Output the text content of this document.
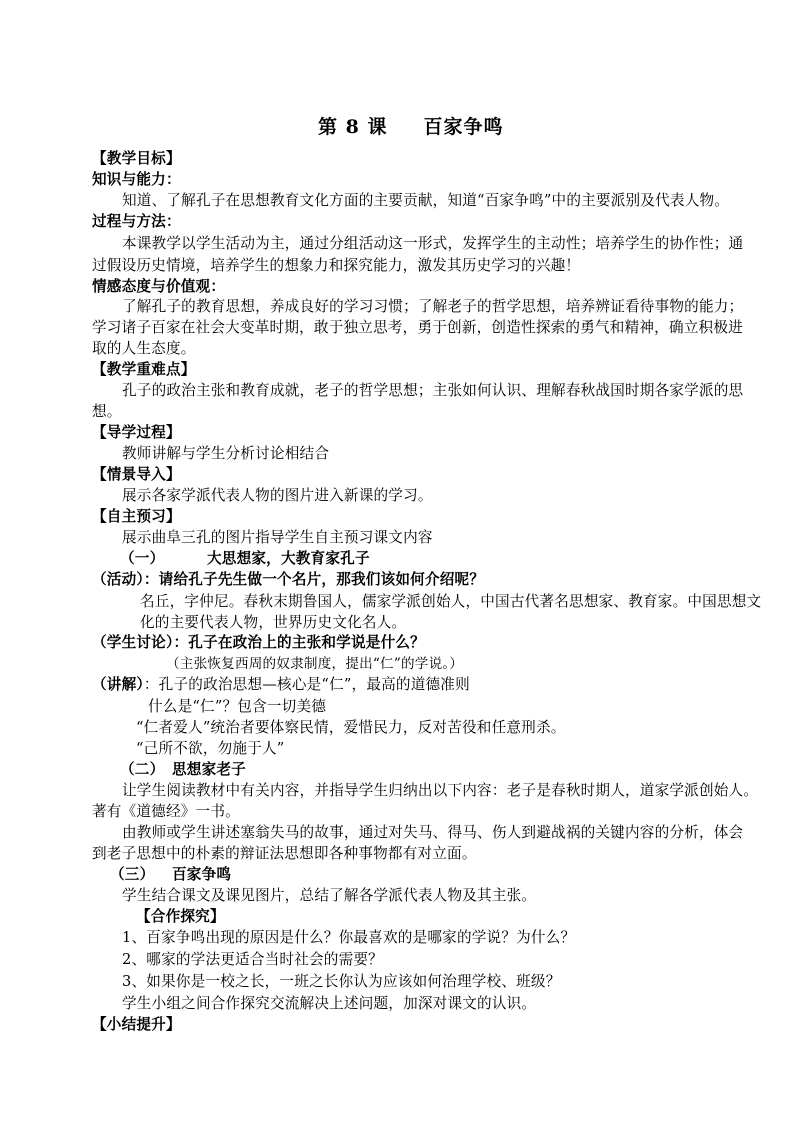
第 8 课 百家争鸣
【教学目标】
知识与能力：
知道、了解孔子在思想教育文化方面的主要贡献，知道“百家争鸣”中的主要派别及代表人物。
过程与方法：
本课教学以学生活动为主，通过分组活动这一形式，发挥学生的主动性；培养学生的协作性；通
过假设历史情境，培养学生的想象力和探究能力，激发其历史学习的兴趣！
情感态度与价值观：
了解孔子的教育思想，养成良好的学习习惯；了解老子的哲学思想，培养辨证看待事物的能力；
学习诸子百家在社会大变革时期，敢于独立思考，勇于创新，创造性探索的勇气和精神，确立积极进
取的人生态度。
【教学重难点】
孔子的政治主张和教育成就，老子的哲学思想；主张如何认识、理解春秋战国时期各家学派的思
想。
【导学过程】
教师讲解与学生分析讨论相结合
【情景导入】
展示各家学派代表人物的图片进入新课的学习。
【自主预习】
展示曲阜三孔的图片指导学生自主预习课文内容
（一）	大思想家，大教育家孔子
（活动）：请给孔子先生做一个名片，那我们该如何介绍呢？
名丘，字仲尼。春秋末期鲁国人，儒家学派创始人，中国古代著名思想家、教育家。中国思想文
化的主要代表人物，世界历史文化名人。
（学生讨论）：孔子在政治上的主张和学说是什么？
（主张恢复西周的奴隶制度，提出“仁”的学说。）
（讲解）：孔子的政治思想—核心是“仁”，最高的道德准则
什么是“仁”？包含一切美德
“仁者爱人”统治者要体察民情，爱惜民力，反对苦役和任意刑杀。
“己所不欲，勿施于人”
（二） 思想家老子
让学生阅读教材中有关内容，并指导学生归纳出以下内容：老子是春秋时期人，道家学派创始人。
著有《道德经》一书。
由教师或学生讲述塞翁失马的故事，通过对失马、得马、伤人到避战祸的关键内容的分析，体会
到老子思想中的朴素的辩证法思想即各种事物都有对立面。
（三） 百家争鸣
学生结合课文及课见图片，总结了解各学派代表人物及其主张。
【合作探究】
1、百家争鸣出现的原因是什么？你最喜欢的是哪家的学说？为什么？
2、哪家的学法更适合当时社会的需要？
3、如果你是一校之长，一班之长你认为应该如何治理学校、班级？
学生小组之间合作探究交流解决上述问题，加深对课文的认识。
【小结提升】
